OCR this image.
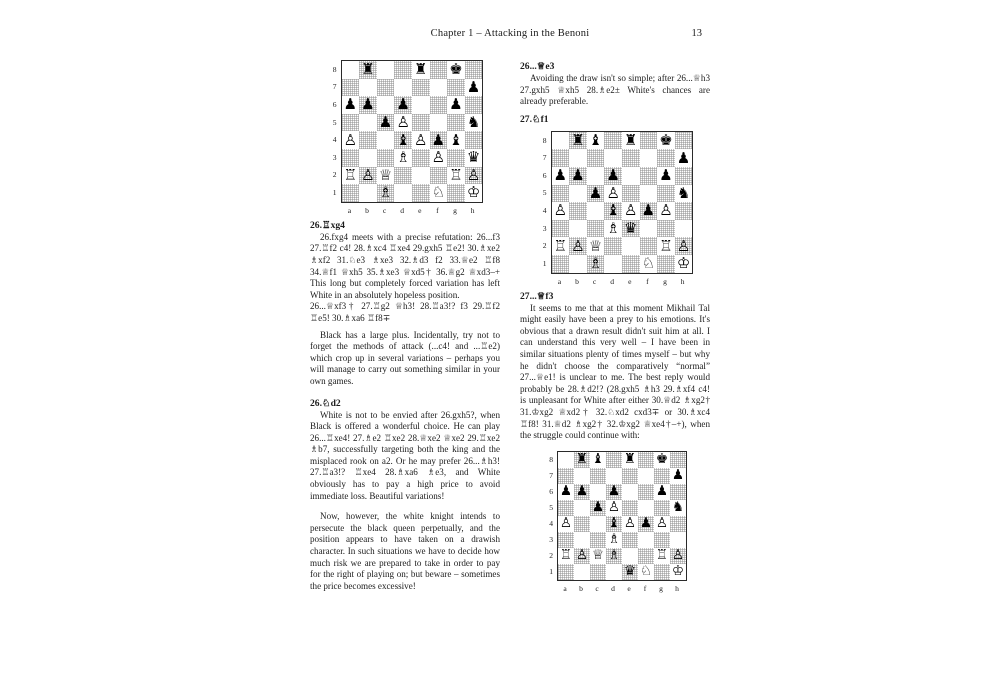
Chapter 1 – Attacking in the Benoni	13
♜	♜ ♚
♟
♟ ♟ ♟	♟
♟ ♙	♞
♙	♝ ♙ ♟ ♝
♗ ♙ ♛
♖ ♙ ♕	♖ ♙
♗	♘ ♔
8
7
6
5
4
3
2
1
a	b	c	d	e	f	g	h

26.♖xg4

26.fxg4 meets with a precise refutation: 26...f3 27.♖f2 c4! 28.♗xc4 ♖xe4 29.gxh5 ♖e2! 30.♗xe2 ♗xf2 31.♘e3 ♗xe3 32.♗d3 f2 33.♕e2 ♖f8 34.♕f1 ♕xh5 35.♗xe3 ♕xd5† 36.♕g2 ♕xd3–+ This long but completely forced variation has left White in an absolutely hopeless position.

26...♕xf3† 27.♖g2 ♕h3! 28.♖a3!? f3 29.♖f2 ♖e5! 30.♗xa6 ♖f8∓

Black has a large plus. Incidentally, try not to forget the methods of attack (...c4! and ...♖e2) which crop up in several variations – perhaps you will manage to carry out something similar in your own games.

26.♘d2

White is not to be envied after 26.gxh5?, when Black is offered a wonderful choice. He can play 26...♖xe4! 27.♗e2 ♖xe2 28.♕xe2 ♕xe2 29.♖xe2 ♗b7, successfully targeting both the king and the misplaced rook on a2. Or he may prefer 26...♗h3! 27.♖a3!? ♖xe4 28.♗xa6 ♗e3, and White obviously has to pay a high price to avoid immediate loss. Beautiful variations!

Now, however, the white knight intends to persecute the black queen perpetually, and the position appears to have taken on a drawish character. In such situations we have to decide how much risk we are prepared to take in order to pay for the right of playing on; but beware – sometimes the price becomes excessive!

26...♕e3

Avoiding the draw isn't so simple; after 26...♕h3 27.gxh5 ♕xh5 28.♗e2± White's chances are already preferable.

27.♘f1

♜ ♝ ♜ ♚
♟
♟ ♟ ♟	♟
♟ ♙	♞
♙	♝ ♙ ♟ ♙
♗ ♛
♖ ♙ ♕	♖ ♙
♗	♘ ♔
8
7
6
5
4
3
2
1
a	b	c	d	e	f	g	h

27...♕f3

It seems to me that at this moment Mikhail Tal might easily have been a prey to his emotions. It's obvious that a drawn result didn't suit him at all. I can understand this very well – I have been in similar situations plenty of times myself – but why he didn't choose the comparatively “normal” 27...♕e1! is unclear to me. The best reply would probably be 28.♗d2!? (28.gxh5 ♗h3 29.♗xf4 c4! is unpleasant for White after either 30.♕d2 ♗xg2† 31.♔xg2 ♕xd2† 32.♘xd2 cxd3∓ or 30.♗xc4 ♖f8! 31.♕d2 ♗xg2† 32.♔xg2 ♕xe4†–+), when the struggle could continue with:

♜ ♝ ♜ ♚
♟
♟ ♟ ♟	♟
♟ ♙	♞
♙	♝ ♙ ♟ ♙
♗
♖ ♙ ♕ ♗	♖ ♙
♛ ♘ ♔
8
7
6
5
4
3
2
1
a	b	c	d	e	f	g	h
